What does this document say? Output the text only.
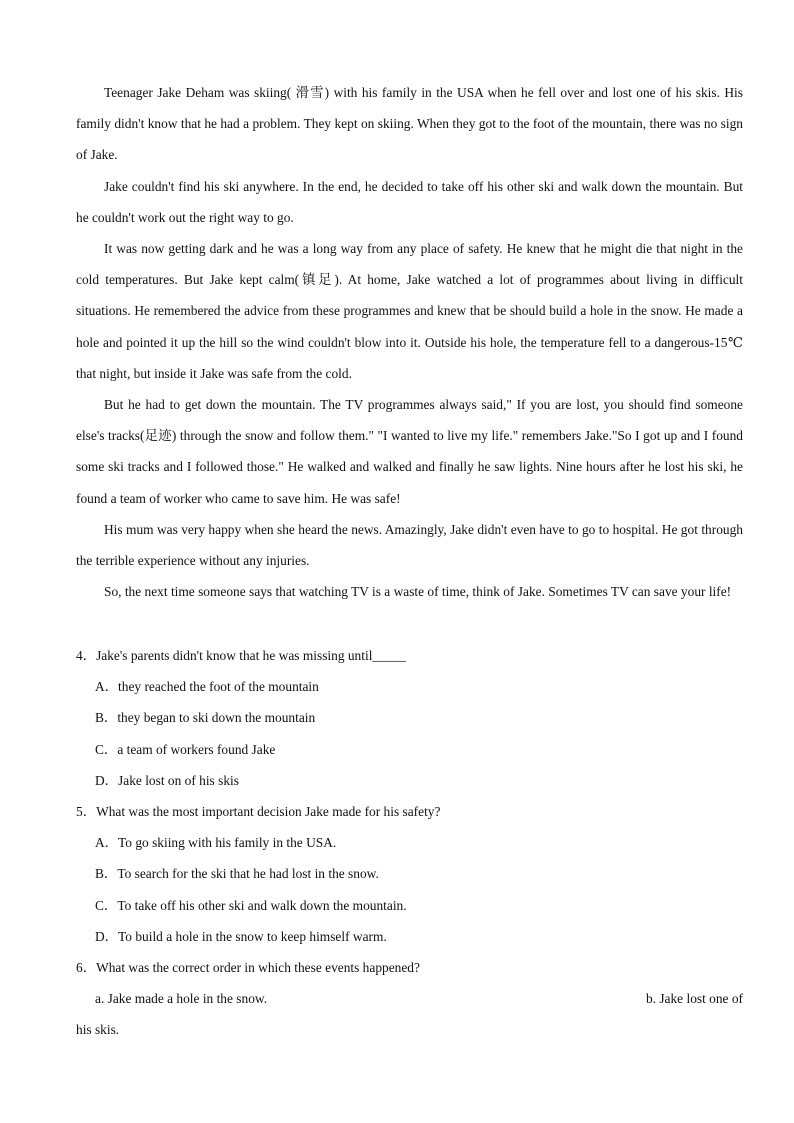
Teenager Jake Deham was skiing( 滑雪) with his family in the USA when he fell over and lost one of his skis. His family didn't know that he had a problem. They kept on skiing. When they got to the foot of the mountain, there was no sign of Jake.

Jake couldn't find his ski anywhere. In the end, he decided to take off his other ski and walk down the mountain. But he couldn't work out the right way to go.

It was now getting dark and he was a long way from any place of safety. He knew that he might die that night in the cold temperatures. But Jake kept calm(镇足). At home, Jake watched a lot of programmes about living in difficult situations. He remembered the advice from these programmes and knew that be should build a hole in the snow. He made a hole and pointed it up the hill so the wind couldn't blow into it. Outside his hole, the temperature fell to a dangerous-15℃ that night, but inside it Jake was safe from the cold.

But he had to get down the mountain. The TV programmes always said," If you are lost, you should find someone else's tracks(足迹) through the snow and follow them." "I wanted to live my life." remembers Jake."So I got up and I found some ski tracks and I followed those." He walked and walked and finally he saw lights. Nine hours after he lost his ski, he found a team of worker who came to save him. He was safe!

His mum was very happy when she heard the news. Amazingly, Jake didn't even have to go to hospital. He got through the terrible experience without any injuries.

So, the next time someone says that watching TV is a waste of time, think of Jake. Sometimes TV can save your life!

4．Jake's parents didn't know that he was missing until_____
A．they reached the foot of the mountain
B．they began to ski down the mountain
C．a team of workers found Jake
D．Jake lost on of his skis
5．What was the most important decision Jake made for his safety?
A．To go skiing with his family in the USA.
B．To search for the ski that he had lost in the snow.
C．To take off his other ski and walk down the mountain.
D．To build a hole in the snow to keep himself warm.
6．What was the correct order in which these events happened?
a. Jake made a hole in the snow.	b. Jake lost one of
his skis.
